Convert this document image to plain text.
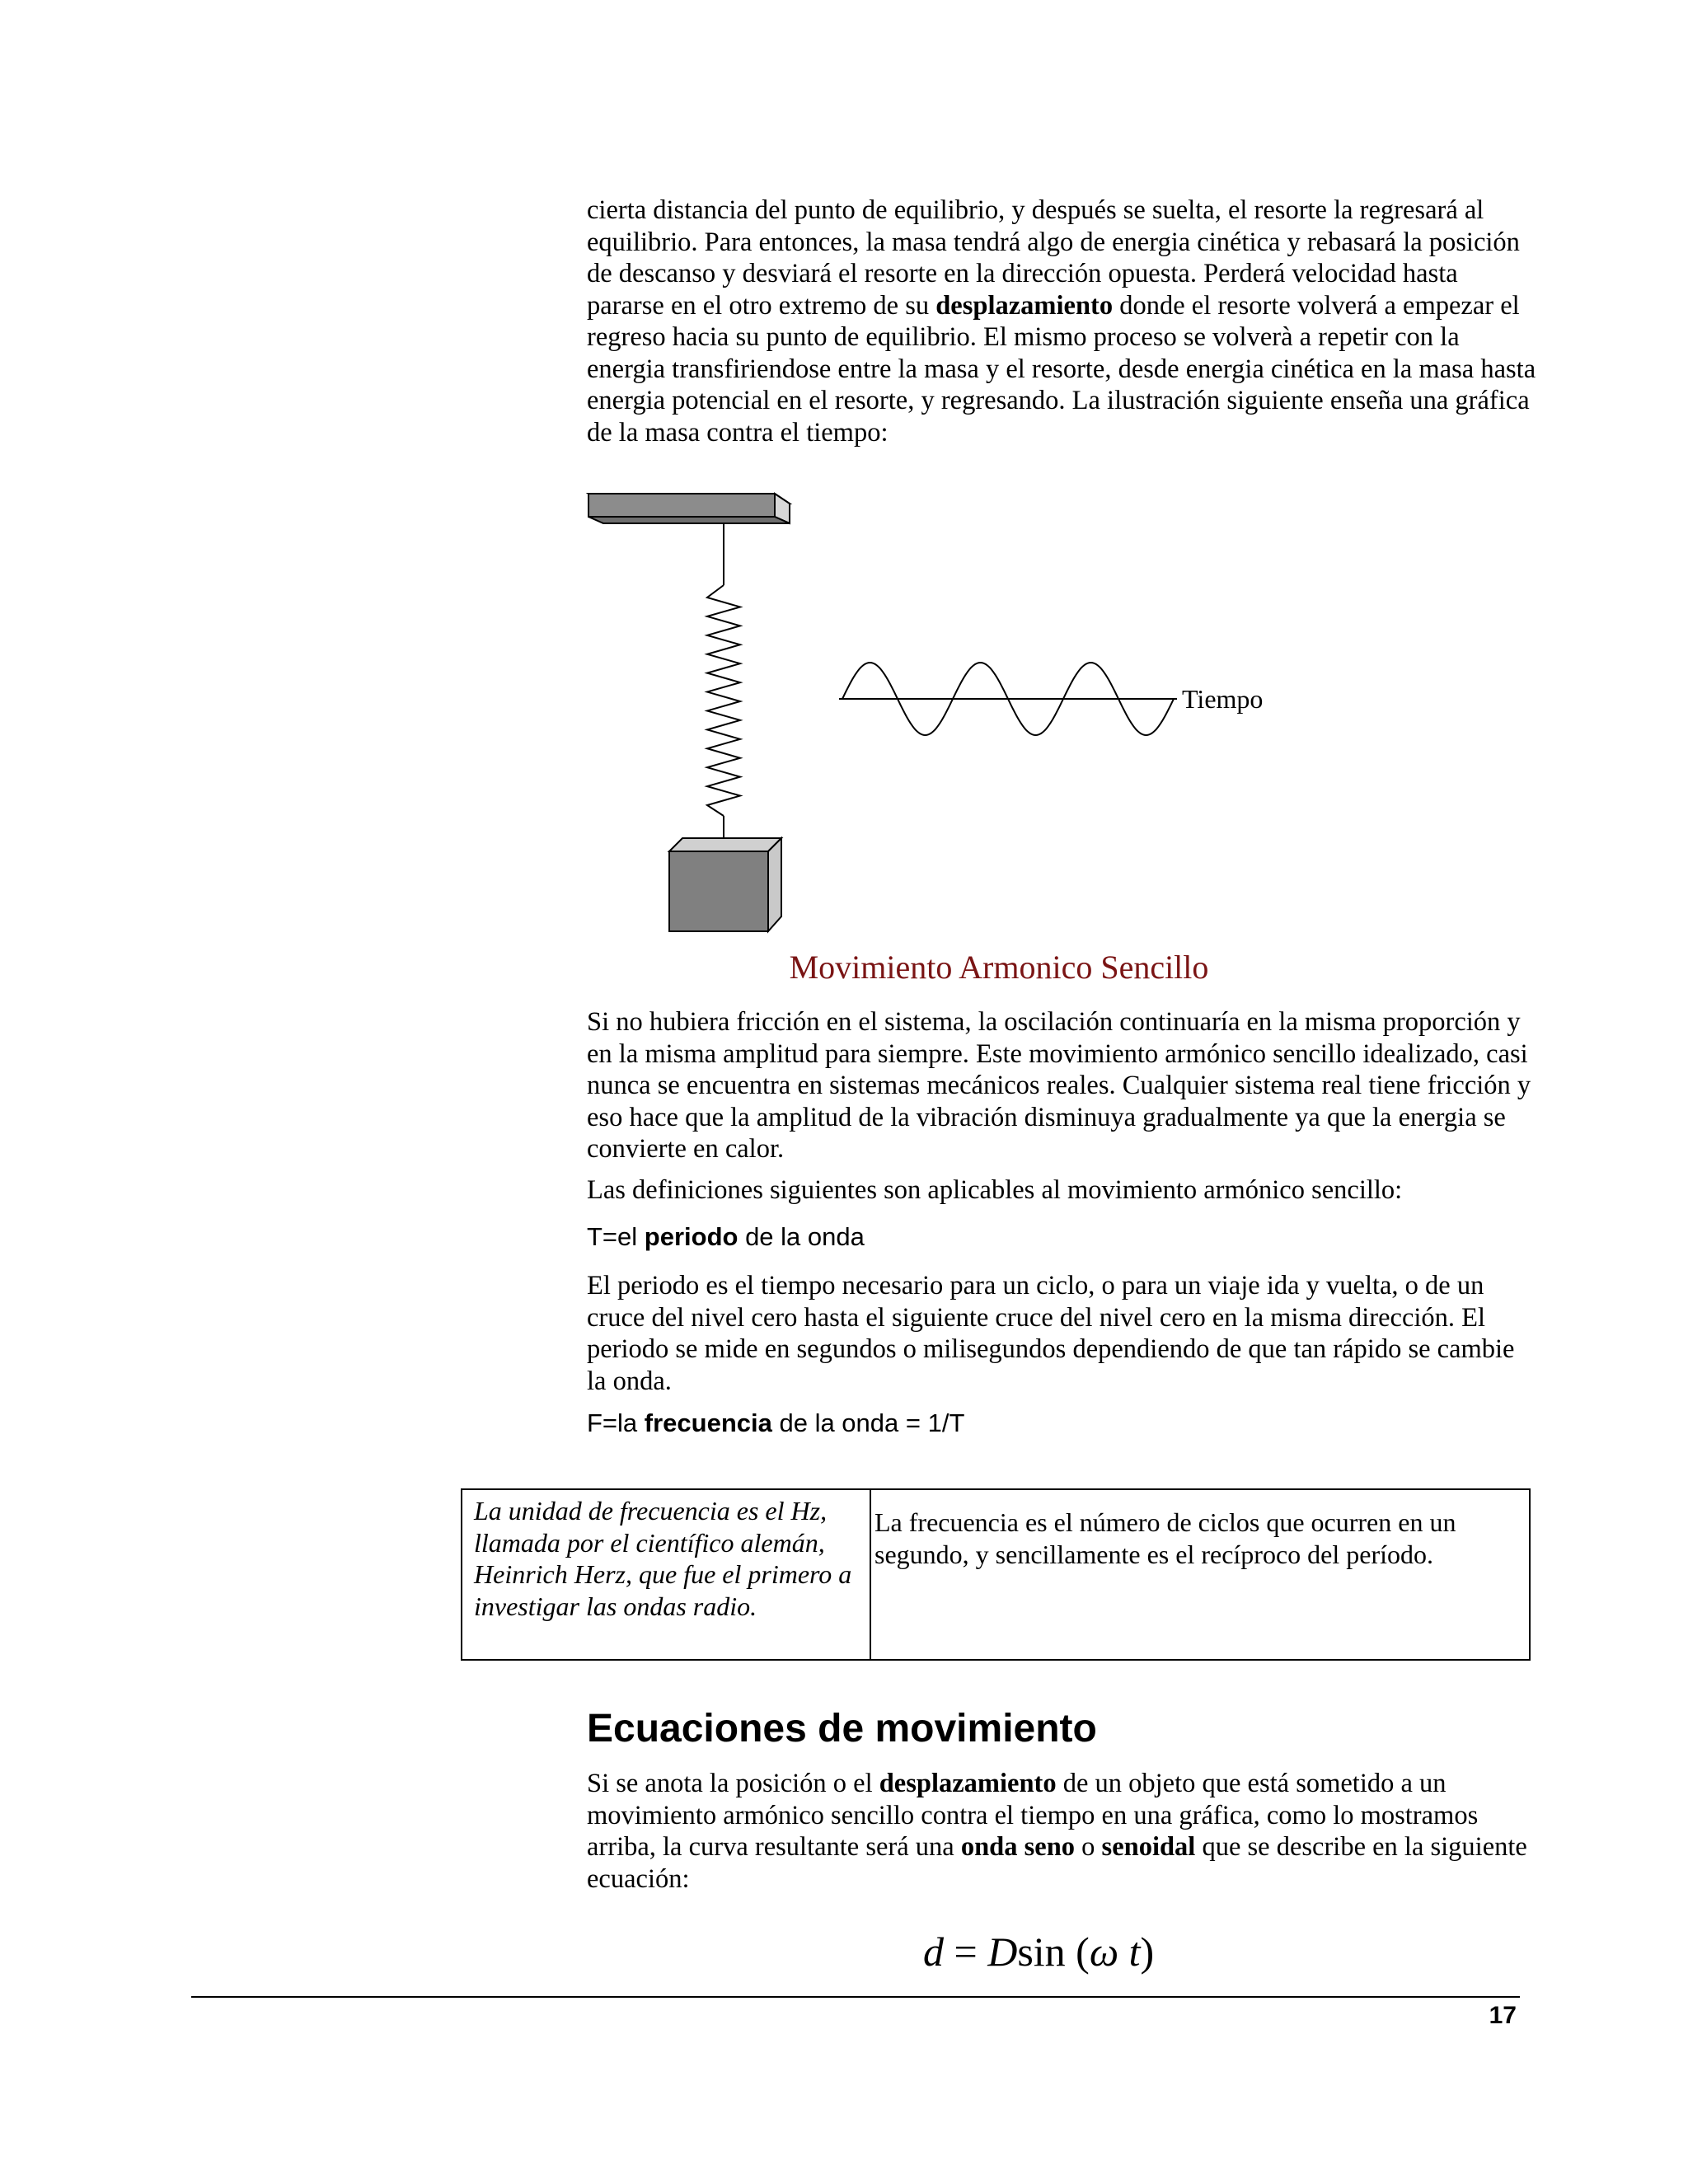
cierta distancia del punto de equilibrio, y después se suelta, el resorte la regresará al equilibrio. Para entonces, la masa tendrá algo de energia cinética y rebasará la posición de descanso y desviará el resorte en la dirección opuesta. Perderá velocidad hasta pararse en el otro extremo de su desplazamiento donde el resorte volverá a empezar el regreso hacia su punto de equilibrio. El mismo proceso se volverà a repetir con la energia transfiriendose entre la masa y el resorte, desde energia cinética en la masa hasta energia potencial en el resorte, y regresando. La ilustración siguiente enseña una gráfica de la masa contra el tiempo:

Tiempo

Movimiento Armonico Sencillo

Si no hubiera fricción en el sistema, la oscilación continuaría en la misma proporción y en la misma amplitud para siempre. Este movimiento armónico sencillo idealizado, casi nunca se encuentra en sistemas mecánicos reales. Cualquier sistema real tiene fricción y eso hace que la amplitud de la vibración disminuya gradualmente ya que la energia se convierte en calor.

Las definiciones siguientes son aplicables al movimiento armónico sencillo:

T=el periodo de la onda

El periodo es el tiempo necesario para un ciclo, o para un viaje ida y vuelta, o de un cruce del nivel cero hasta el siguiente cruce del nivel cero en la misma dirección. El periodo se mide en segundos o milisegundos dependiendo de que tan rápido se cambie la onda.

F=la frecuencia de la onda = 1/T

La unidad de frecuencia es el Hz, llamada por el científico alemán, Heinrich Herz, que fue el primero a investigar las ondas radio.
La frecuencia es el número de ciclos que ocurren en un segundo, y sencillamente es el recíproco del período.
Ecuaciones de movimiento

Si se anota la posición o el desplazamiento de un objeto que está sometido a un movimiento armónico sencillo contra el tiempo en una gráfica, como lo mostramos arriba, la curva resultante será una onda seno o senoidal que se describe en la siguiente ecuación:

d = Dsin (ω t)

17
